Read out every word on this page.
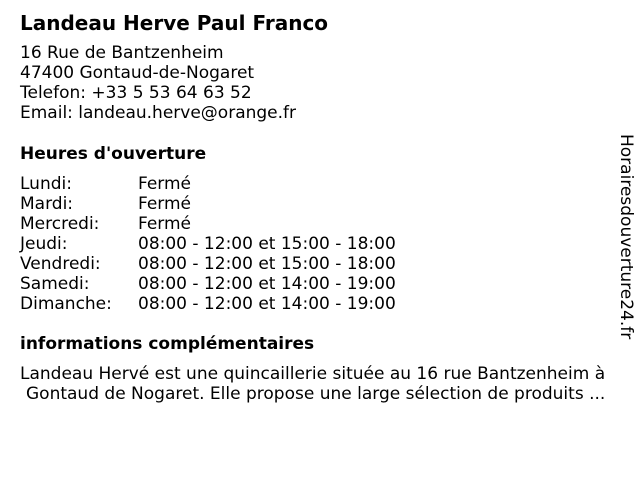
Landeau Herve Paul Franco
16 Rue de Bantzenheim
47400 Gontaud-de-Nogaret
Telefon: +33 5 53 64 63 52
Email: landeau.herve@orange.fr
Heures d'ouverture
Lundi:	Fermé
Mardi:	Fermé
Mercredi:	Fermé
Jeudi:	08:00 - 12:00 et 15:00 - 18:00
Vendredi:	08:00 - 12:00 et 15:00 - 18:00
Samedi:	08:00 - 12:00 et 14:00 - 19:00
Dimanche:	08:00 - 12:00 et 14:00 - 19:00
informations complémentaires
Landeau Hervé est une quincaillerie située au 16 rue Bantzenheim à
Gontaud de Nogaret. Elle propose une large sélection de produits ...
Horairesdouverture24.fr
